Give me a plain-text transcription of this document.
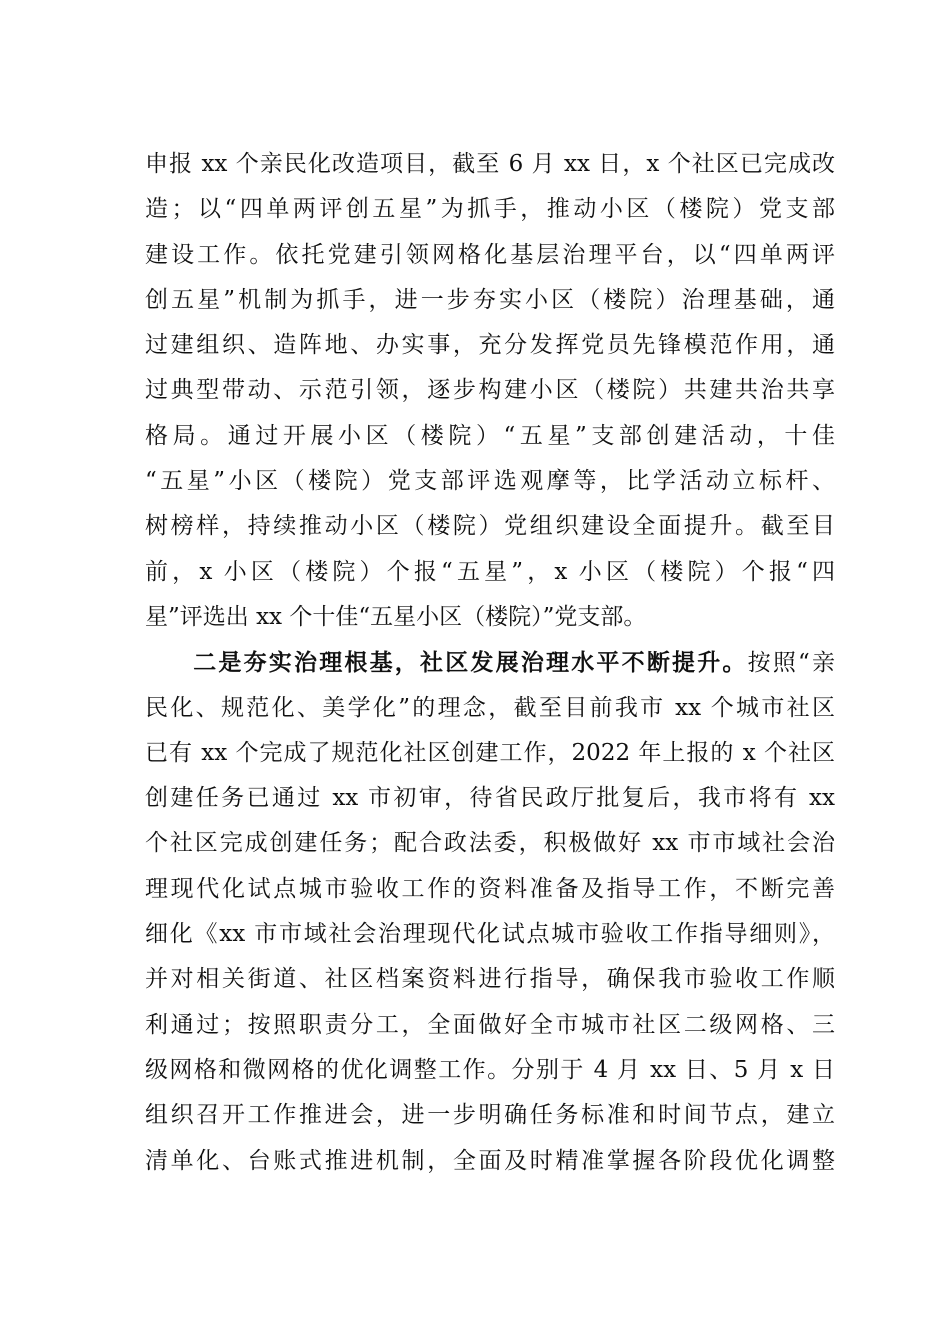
申报 xx 个亲民化改造项目，截至 6 月 xx 日，x 个社区已完成改
造；以“四单两评创五星”为抓手，推动小区（楼院）党支部
建设工作。依托党建引领网格化基层治理平台，以“四单两评
创五星”机制为抓手，进一步夯实小区（楼院）治理基础，通
过建组织、造阵地、办实事，充分发挥党员先锋模范作用，通
过典型带动、示范引领，逐步构建小区（楼院）共建共治共享
格局。通过开展小区（楼院）“五星”支部创建活动，十佳
“五星”小区（楼院）党支部评选观摩等，比学活动立标杆、
树榜样，持续推动小区（楼院）党组织建设全面提升。截至目
前，x 小区（楼院）个报“五星”，x 小区（楼院）个报“四
星”评选出 xx 个十佳“五星小区（楼院）”党支部。
二是夯实治理根基，社区发展治理水平不断提升。按照“亲
民化、规范化、美学化”的理念，截至目前我市 xx 个城市社区
已有 xx 个完成了规范化社区创建工作，2022 年上报的 x 个社区
创建任务已通过 xx 市初审，待省民政厅批复后，我市将有 xx
个社区完成创建任务；配合政法委，积极做好 xx 市市域社会治
理现代化试点城市验收工作的资料准备及指导工作，不断完善
细化《xx 市市域社会治理现代化试点城市验收工作指导细则》，
并对相关街道、社区档案资料进行指导，确保我市验收工作顺
利通过；按照职责分工，全面做好全市城市社区二级网格、三
级网格和微网格的优化调整工作。分别于 4 月 xx 日、5 月 x 日
组织召开工作推进会，进一步明确任务标准和时间节点，建立
清单化、台账式推进机制，全面及时精准掌握各阶段优化调整
